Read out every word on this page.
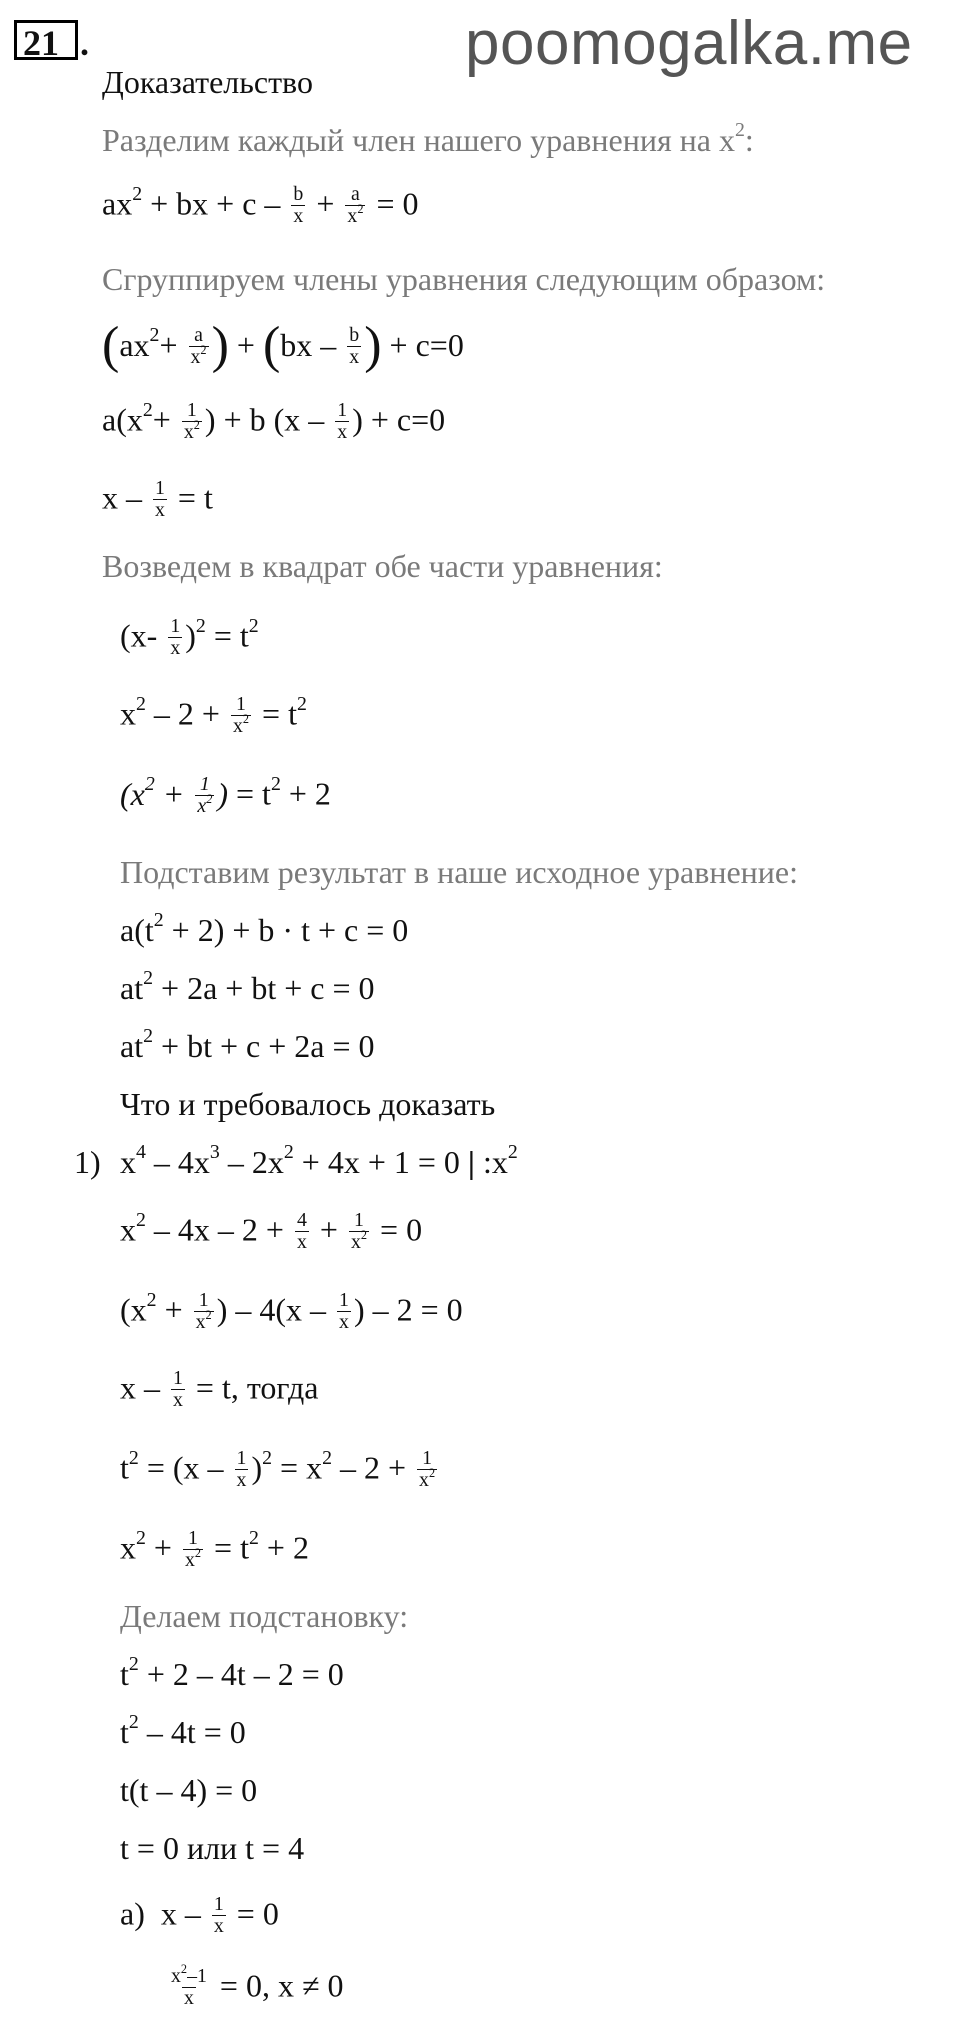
21 .	poomogalka.me
Доказательство
Разделим каждый член нашего уравнения на $x^2$:
$ax^2$ + bx + $c - \frac{b}{x} + \frac{a}{x^2} = 0$
Сгруппируем члены уравнения следующим образом:
($ax^2+ \frac{a}{x^2}$ ) + ($bx - \frac{b}{x}$ ) + c=0
$a(x^2+ \frac{1}{x^2}$ ) + b ($x - \frac{1}{x}$ ) + c=0
$x - \frac{1}{x} = t$
Возведем в квадрат обе части уравнения:
$(x- \frac{1}{x} )^2 = t^2$
$x^2 - 2 + \frac{1}{x^2} = t^2$
($x^2 + \frac{1}{x^2}$ ) = $t^2 + 2$
Подставим результат в наше исходное уравнение:
$a(t^2 + 2) + b \cdot t + c = 0$
$at^2 + 2a$ + bt + c = 0
$at^2$ + bt + c + 2a = 0
Что и требовалось доказать
1) $x^4 - 4x^3 - 2x^2 + 4x + 1 = 0$ | $:x^2$
$x^2 - 4x - 2 + \frac{4}{x} + \frac{1}{x^2} = 0$
($x^2 + \frac{1}{x^2}$ ) – $4(x - \frac{1}{x}$ ) – 2 = 0
$x - \frac{1}{x} = t$, тогда
$t^2 = (x - \frac{1}{x} )^2 = x^2 - 2 + \frac{1}{x^2}$
$x^2 + \frac{1}{x^2} = t^2 + 2$
Делаем подстановку:
$t^2 + 2 - 4t - 2 = 0$
$t^2 - 4t = 0$
t(t – 4) = 0
t = 0 или t = 4
а)  $x - \frac{1}{x} = 0$
$\frac{x^2-1}{x} = 0$, x ≠ 0
